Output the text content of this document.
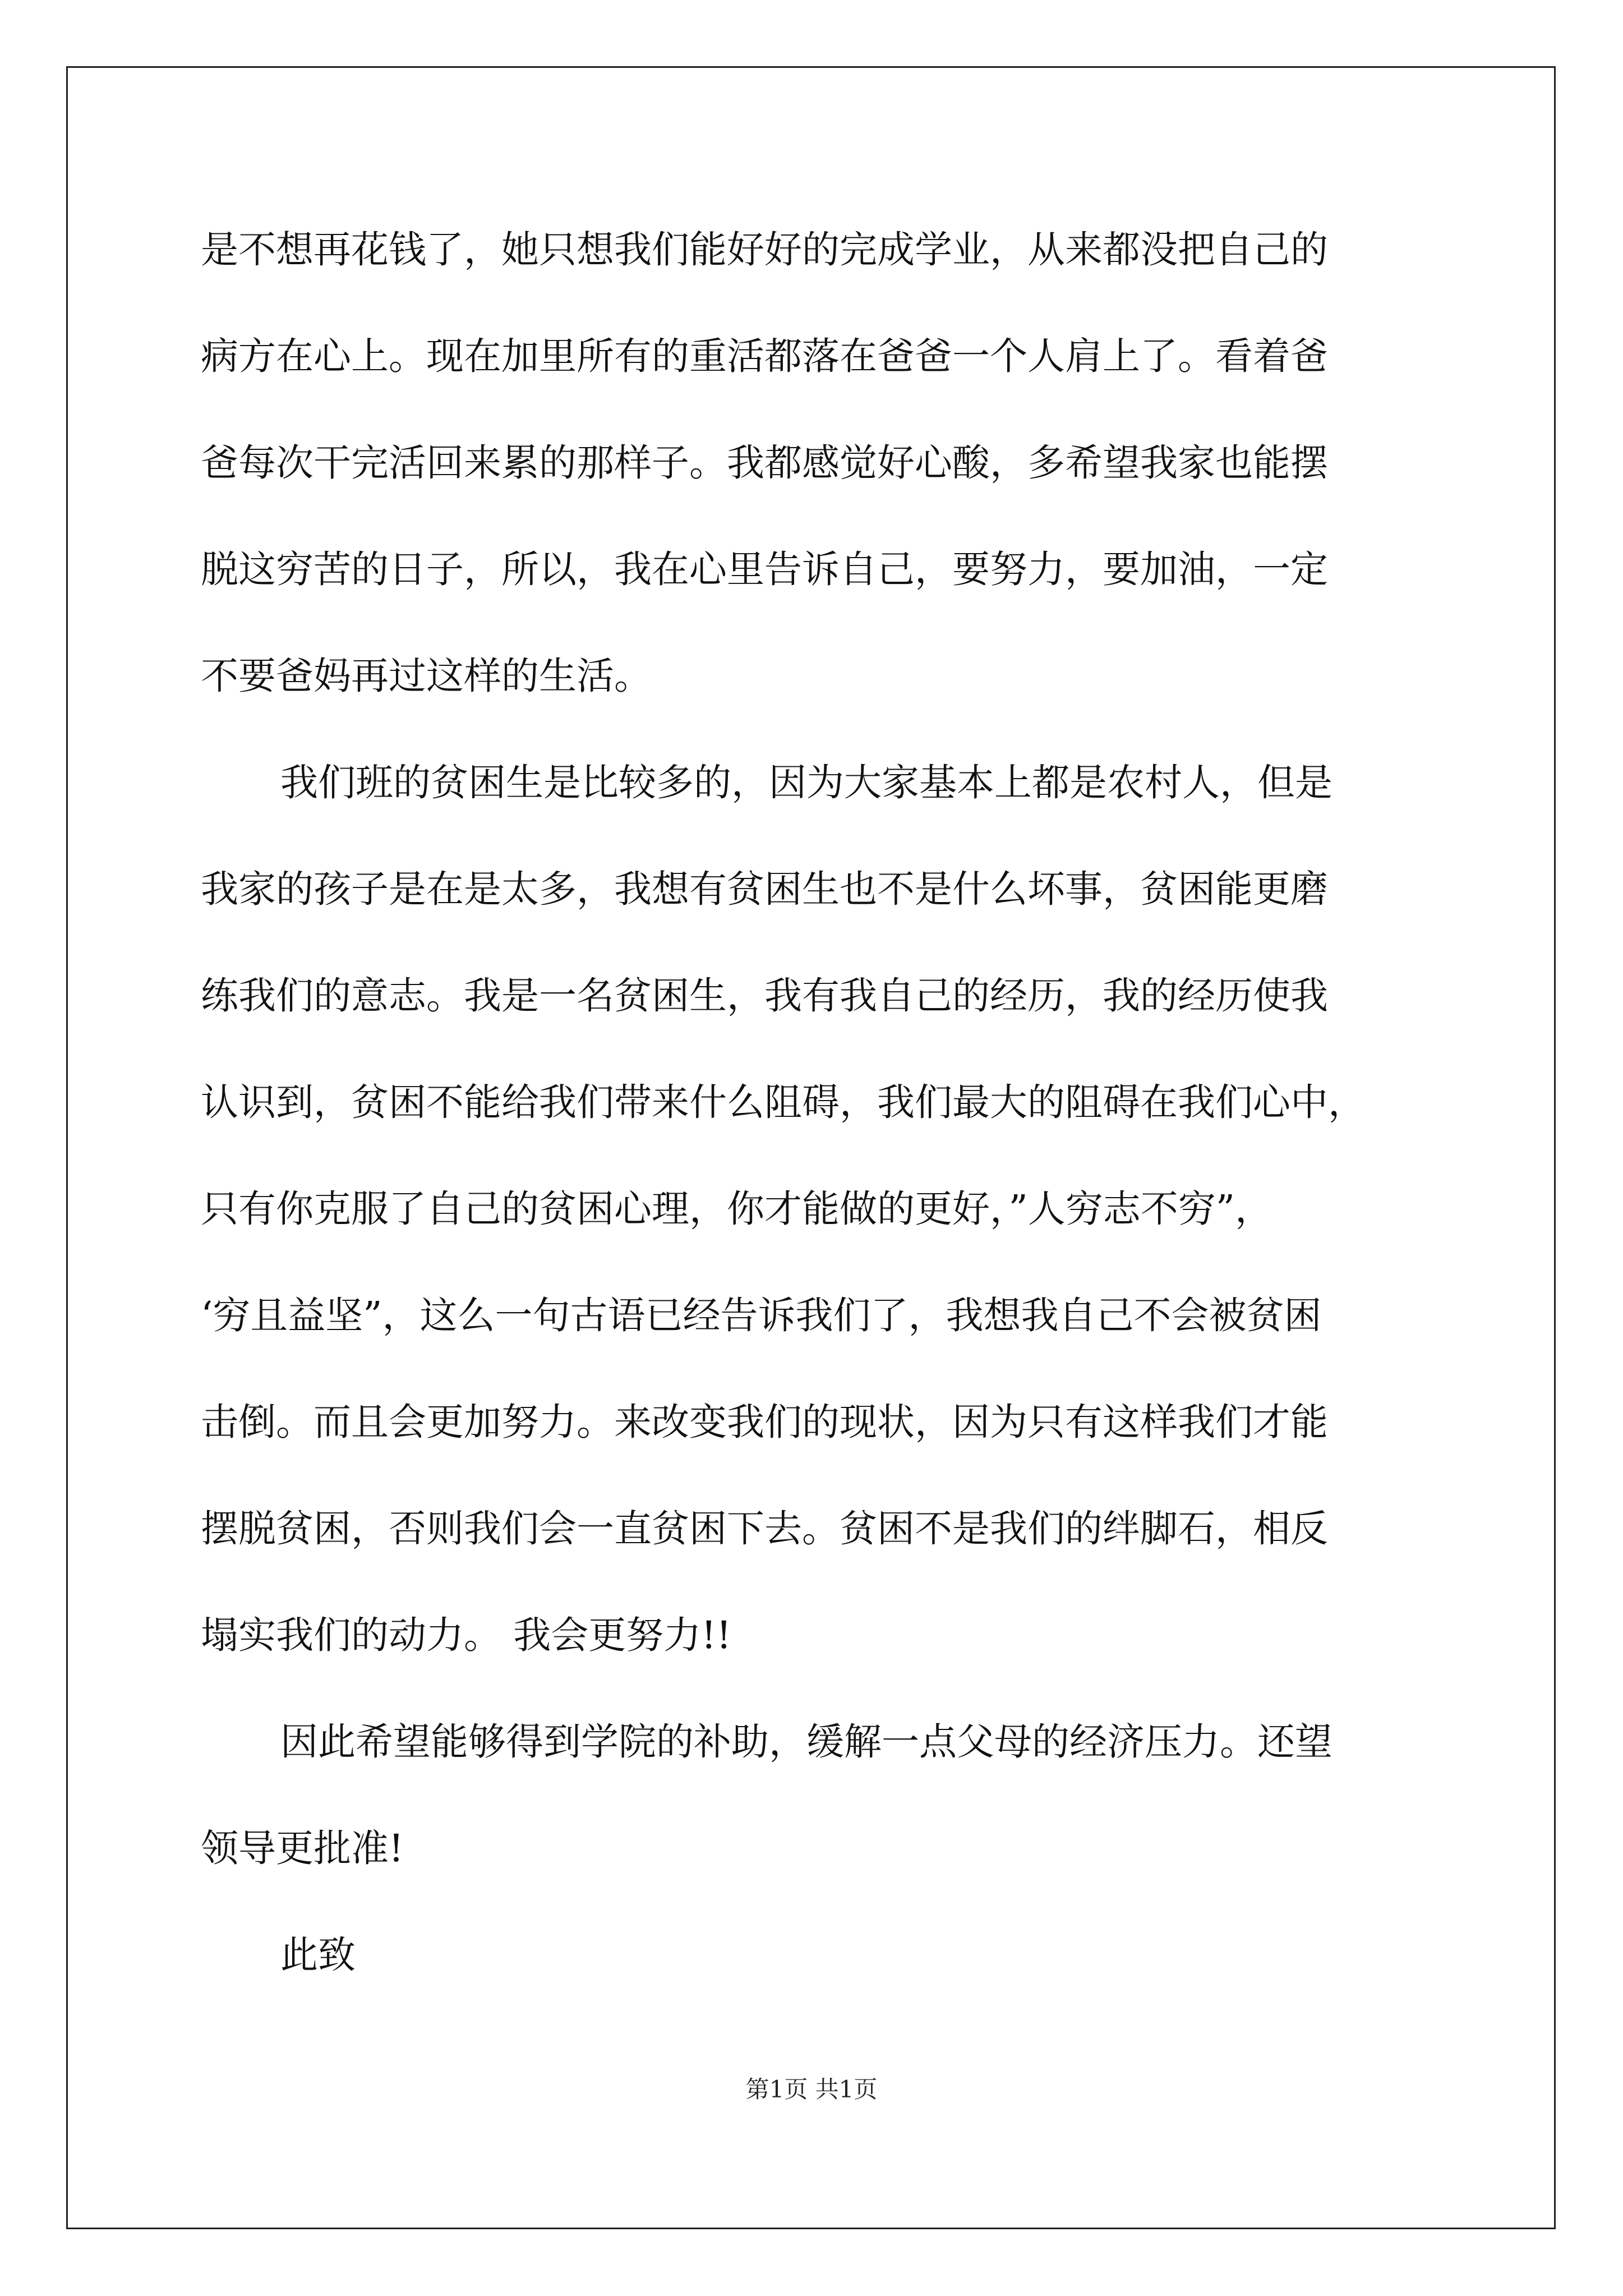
是不想再花钱了，她只想我们能好好的完成学业，从来都没把自己的
病方在心上。现在加里所有的重活都落在爸爸一个人肩上了。看着爸
爸每次干完活回来累的那样子。我都感觉好心酸，多希望我家也能摆
脱这穷苦的日子，所以，我在心里告诉自己，要努力，要加油，一定
不要爸妈再过这样的生活。
我们班的贫困生是比较多的，因为大家基本上都是农村人，但是
我家的孩子是在是太多，我想有贫困生也不是什么坏事，贫困能更磨
练我们的意志。我是一名贫困生，我有我自己的经历，我的经历使我
认识到，贫困不能给我们带来什么阻碍，我们最大的阻碍在我们心中，
只有你克服了自己的贫困心理，你才能做的更好，”人穷志不穷”，
‘穷且益坚”，这么一句古语已经告诉我们了，我想我自己不会被贫困
击倒。而且会更加努力。来改变我们的现状，因为只有这样我们才能
摆脱贫困，否则我们会一直贫困下去。贫困不是我们的绊脚石，相反
塌实我们的动力。 我会更努力!!
因此希望能够得到学院的补助，缓解一点父母的经济压力。还望
领导更批准!
此致
第1页 共1页
